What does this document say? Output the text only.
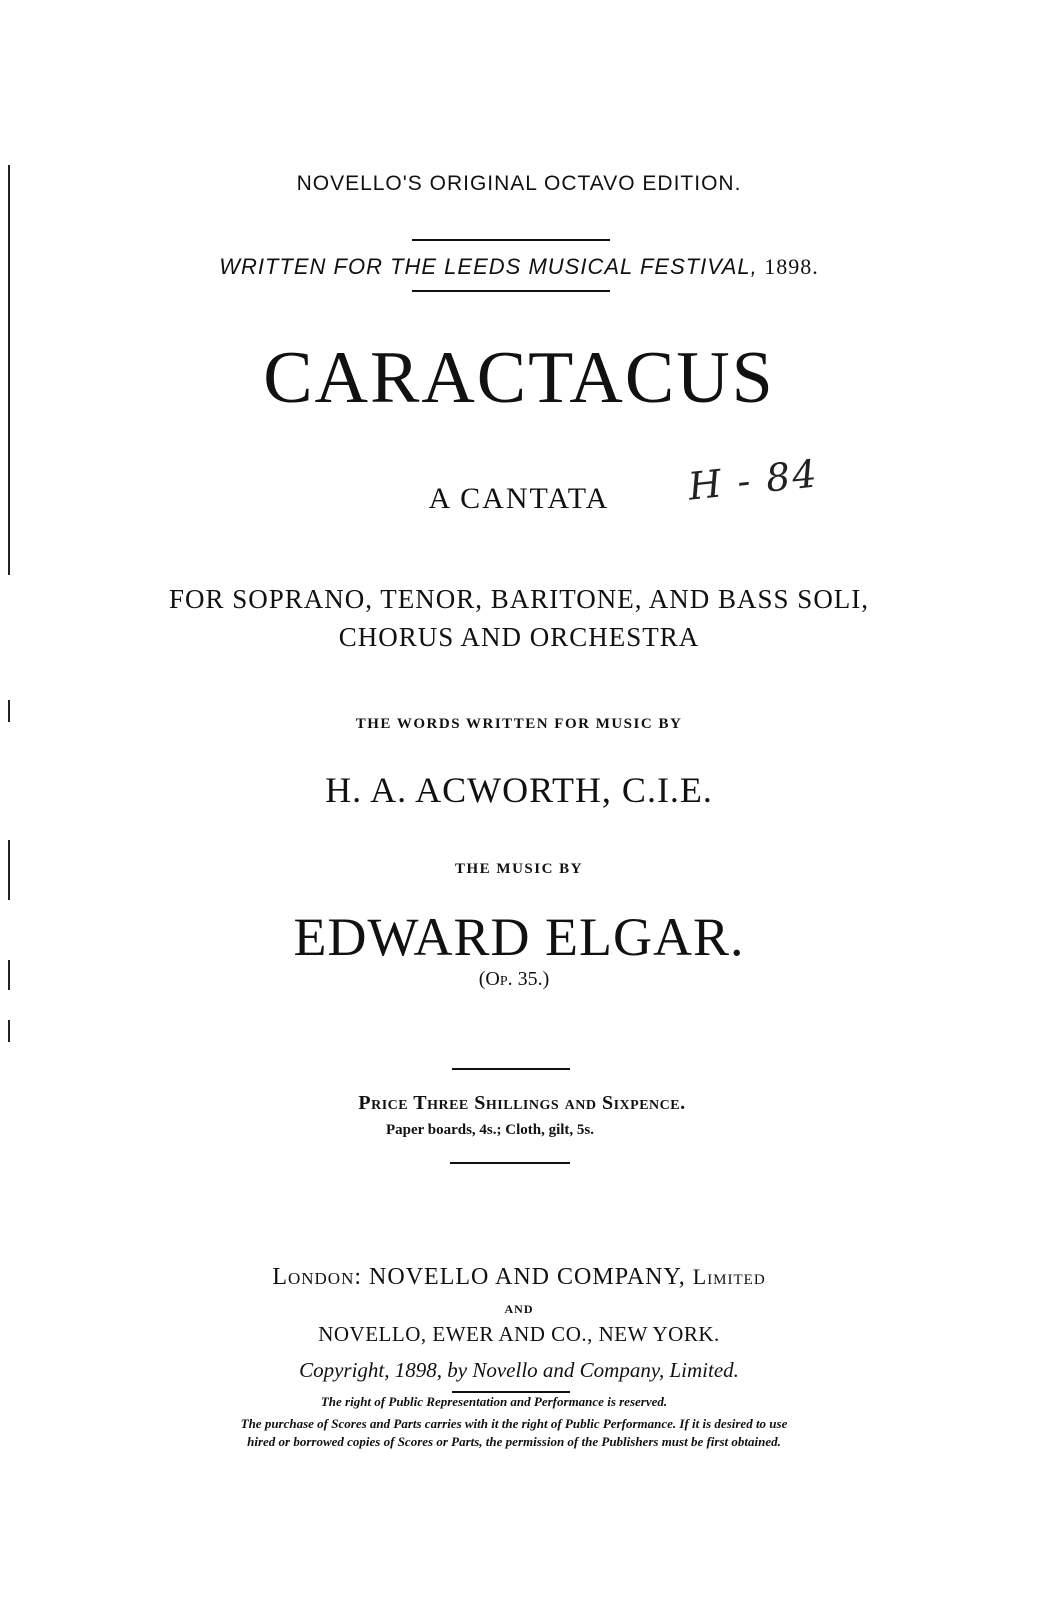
NOVELLO'S ORIGINAL OCTAVO EDITION.
WRITTEN FOR THE LEEDS MUSICAL FESTIVAL, 1898.
CARACTACUS
A CANTATA	H - 84
FOR SOPRANO, TENOR, BARITONE, AND BASS SOLI,
CHORUS AND ORCHESTRA
THE WORDS WRITTEN FOR MUSIC BY
H. A. ACWORTH, C.I.E.
THE MUSIC BY
EDWARD ELGAR.
(Op. 35.)
Price Three Shillings and Sixpence.
Paper boards, 4s.; Cloth, gilt, 5s.
London: NOVELLO AND COMPANY, Limited
AND
NOVELLO, EWER AND CO., NEW YORK.
Copyright, 1898, by Novello and Company, Limited.
The right of Public Representation and Performance is reserved.
The purchase of Scores and Parts carries with it the right of Public Performance. If it is desired to use
hired or borrowed copies of Scores or Parts, the permission of the Publishers must be first obtained.
